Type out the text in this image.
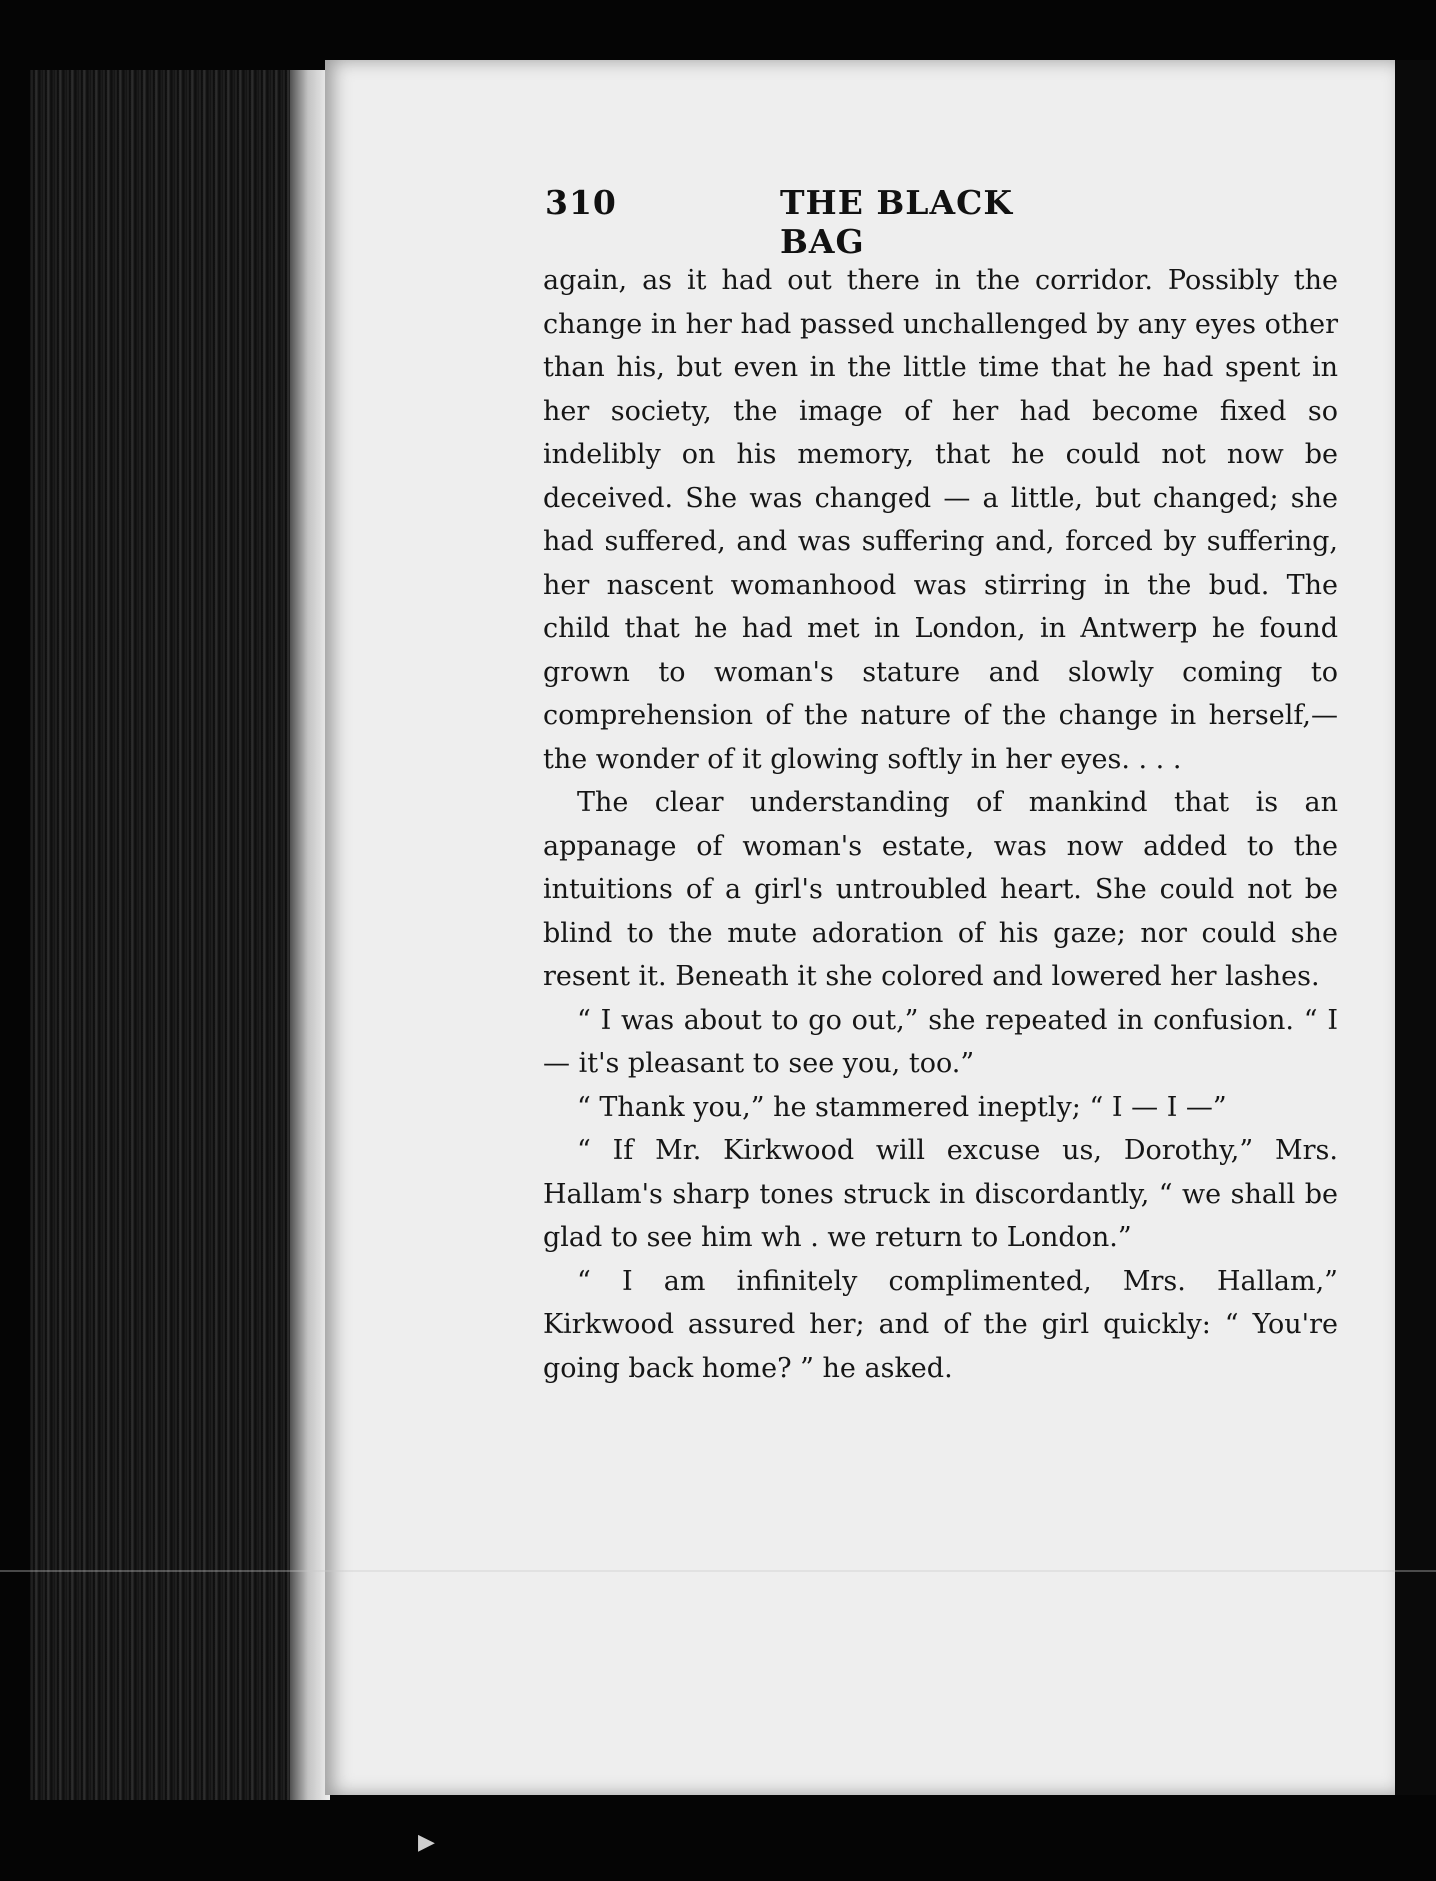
310	THE BLACK BAG

again, as it had out there in the corridor. Possibly the change in her had passed unchallenged by any eyes other than his, but even in the little time that he had spent in her society, the image of her had become fixed so indelibly on his memory, that he could not now be deceived. She was changed — a little, but changed; she had suffered, and was suffering and, forced by suffering, her nascent womanhood was stirring in the bud. The child that he had met in London, in Antwerp he found grown to woman's stature and slowly coming to comprehension of the nature of the change in herself,— the wonder of it glowing softly in her eyes. . . .

The clear understanding of mankind that is an appanage of woman's estate, was now added to the intuitions of a girl's untroubled heart. She could not be blind to the mute adoration of his gaze; nor could she resent it. Beneath it she colored and lowered her lashes.

“ I was about to go out,” she repeated in confusion. “ I — it's pleasant to see you, too.”

“ Thank you,” he stammered ineptly; “ I — I —”

“ If Mr. Kirkwood will excuse us, Dorothy,” Mrs. Hallam's sharp tones struck in discordantly, “ we shall be glad to see him wh . we return to London.”

“ I am infinitely complimented, Mrs. Hallam,” Kirkwood assured her; and of the girl quickly: “ You're going back home? ” he asked.

▶
